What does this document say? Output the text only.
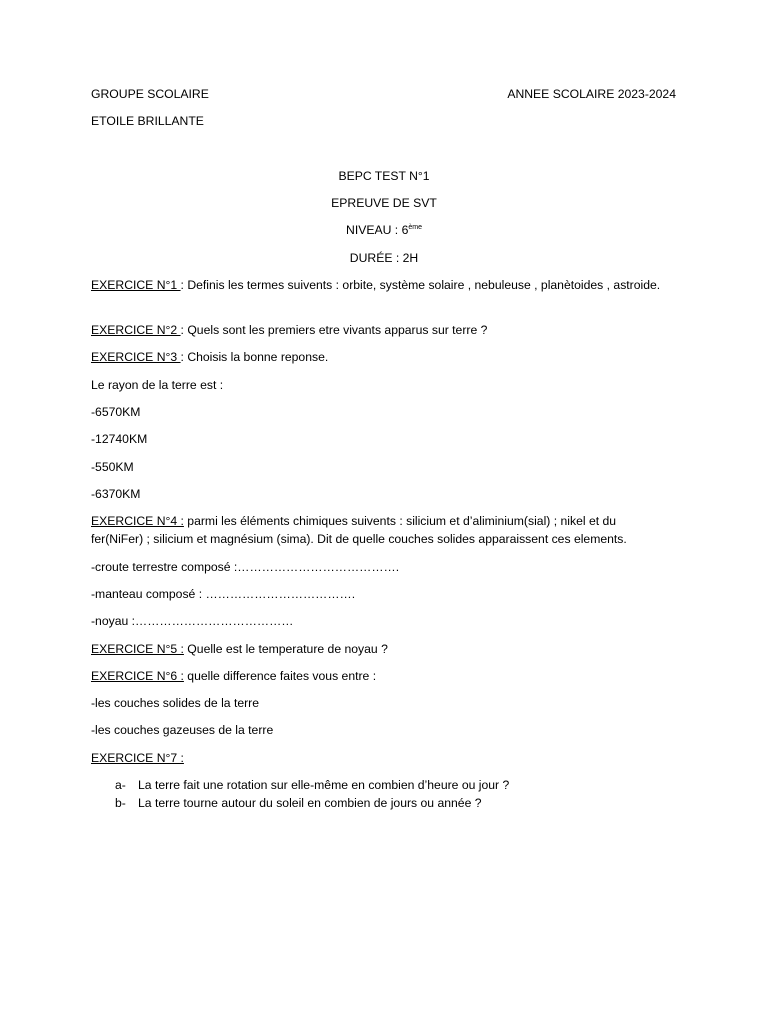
GROUPE SCOLAIRE	ANNEE SCOLAIRE 2023-2024
ETOILE BRILLANTE
BEPC TEST N°1
EPREUVE DE SVT
NIVEAU : 6ème
DURÉE : 2H
EXERCICE N°1 : Definis les termes suivents : orbite, système solaire , nebuleuse , planètoides , astroide.
EXERCICE N°2 : Quels sont les premiers etre vivants apparus sur terre ?
EXERCICE N°3 : Choisis la bonne reponse.
Le rayon de la terre est :
-6570KM
-12740KM
-550KM
-6370KM
EXERCICE N°4 : parmi les éléments chimiques suivents : silicium et d’aliminium(sial) ; nikel et du fer(NiFer) ; silicium et magnésium (sima). Dit de quelle couches solides apparaissent ces elements.
-croute terrestre composé :………………………………….
-manteau composé : ……………………………….
-noyau :…………………………………
EXERCICE N°5 : Quelle est le temperature de noyau ?
EXERCICE N°6 : quelle difference faites vous entre :
-les couches solides de la terre
-les couches gazeuses de la terre
EXERCICE N°7 :
a- La terre fait une rotation sur elle-même en combien d’heure ou jour ?
b- La terre tourne autour du soleil en combien de jours ou année ?
